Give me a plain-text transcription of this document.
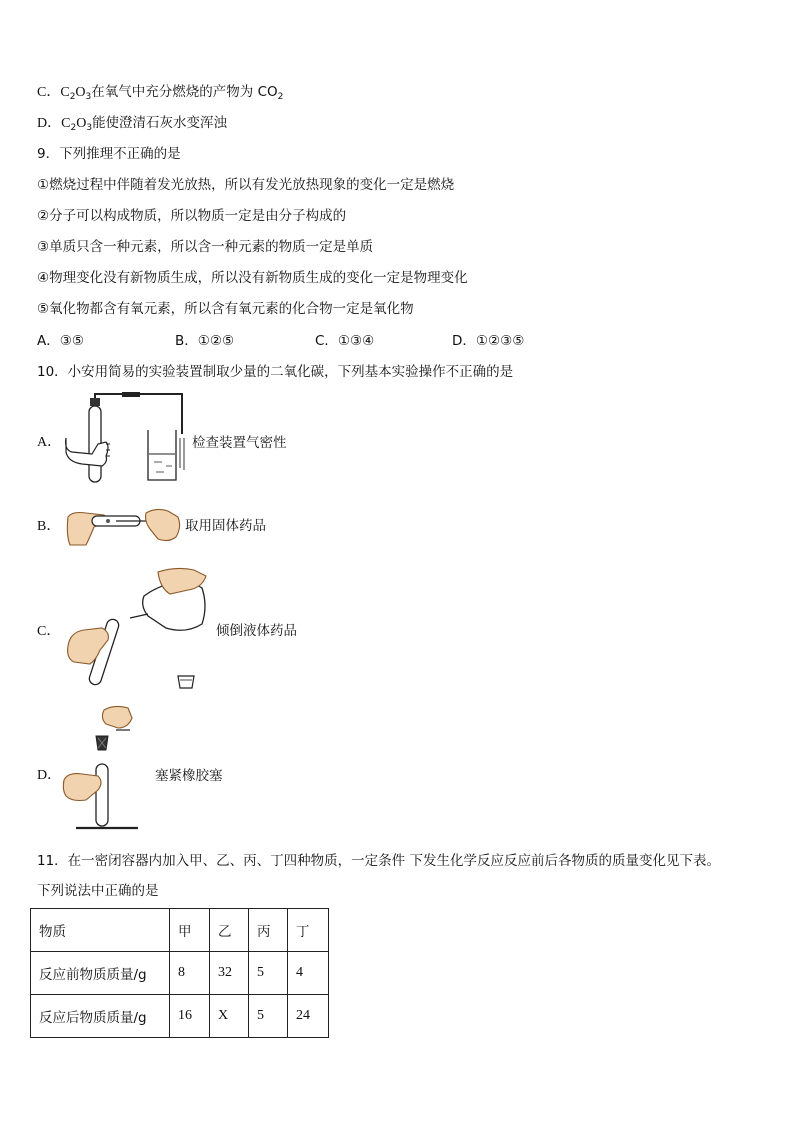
C．$C_2O_3$在氧气中充分燃烧的产物为 $CO_2$
D．$C_2O_3$能使澄清石灰水变浑浊
9．下列推理不正确的是
①燃烧过程中伴随着发光放热，所以有发光放热现象的变化一定是燃烧
②分子可以构成物质，所以物质一定是由分子构成的
③单质只含一种元素，所以含一种元素的物质一定是单质
④物理变化没有新物质生成，所以没有新物质生成的变化一定是物理变化
⑤氧化物都含有氧元素，所以含有氧元素的化合物一定是氧化物
A．③⑤	B．①②⑤	C．①③④	D．①②③⑤
10．小安用简易的实验装置制取少量的二氧化碳，下列基本实验操作不正确的是
A．	检查装置气密性
B．	取用固体药品
C．	倾倒液体药品
D．	塞紧橡胶塞
11．在一密闭容器内加入甲、乙、丙、丁四种物质，一定条件 下发生化学反应反应前后各物质的质量变化见下表。
下列说法中正确的是
物质	甲	乙	丙	丁
反应前物质质量/g	8	32	5	4
反应后物质质量/g	16	X	5	24
